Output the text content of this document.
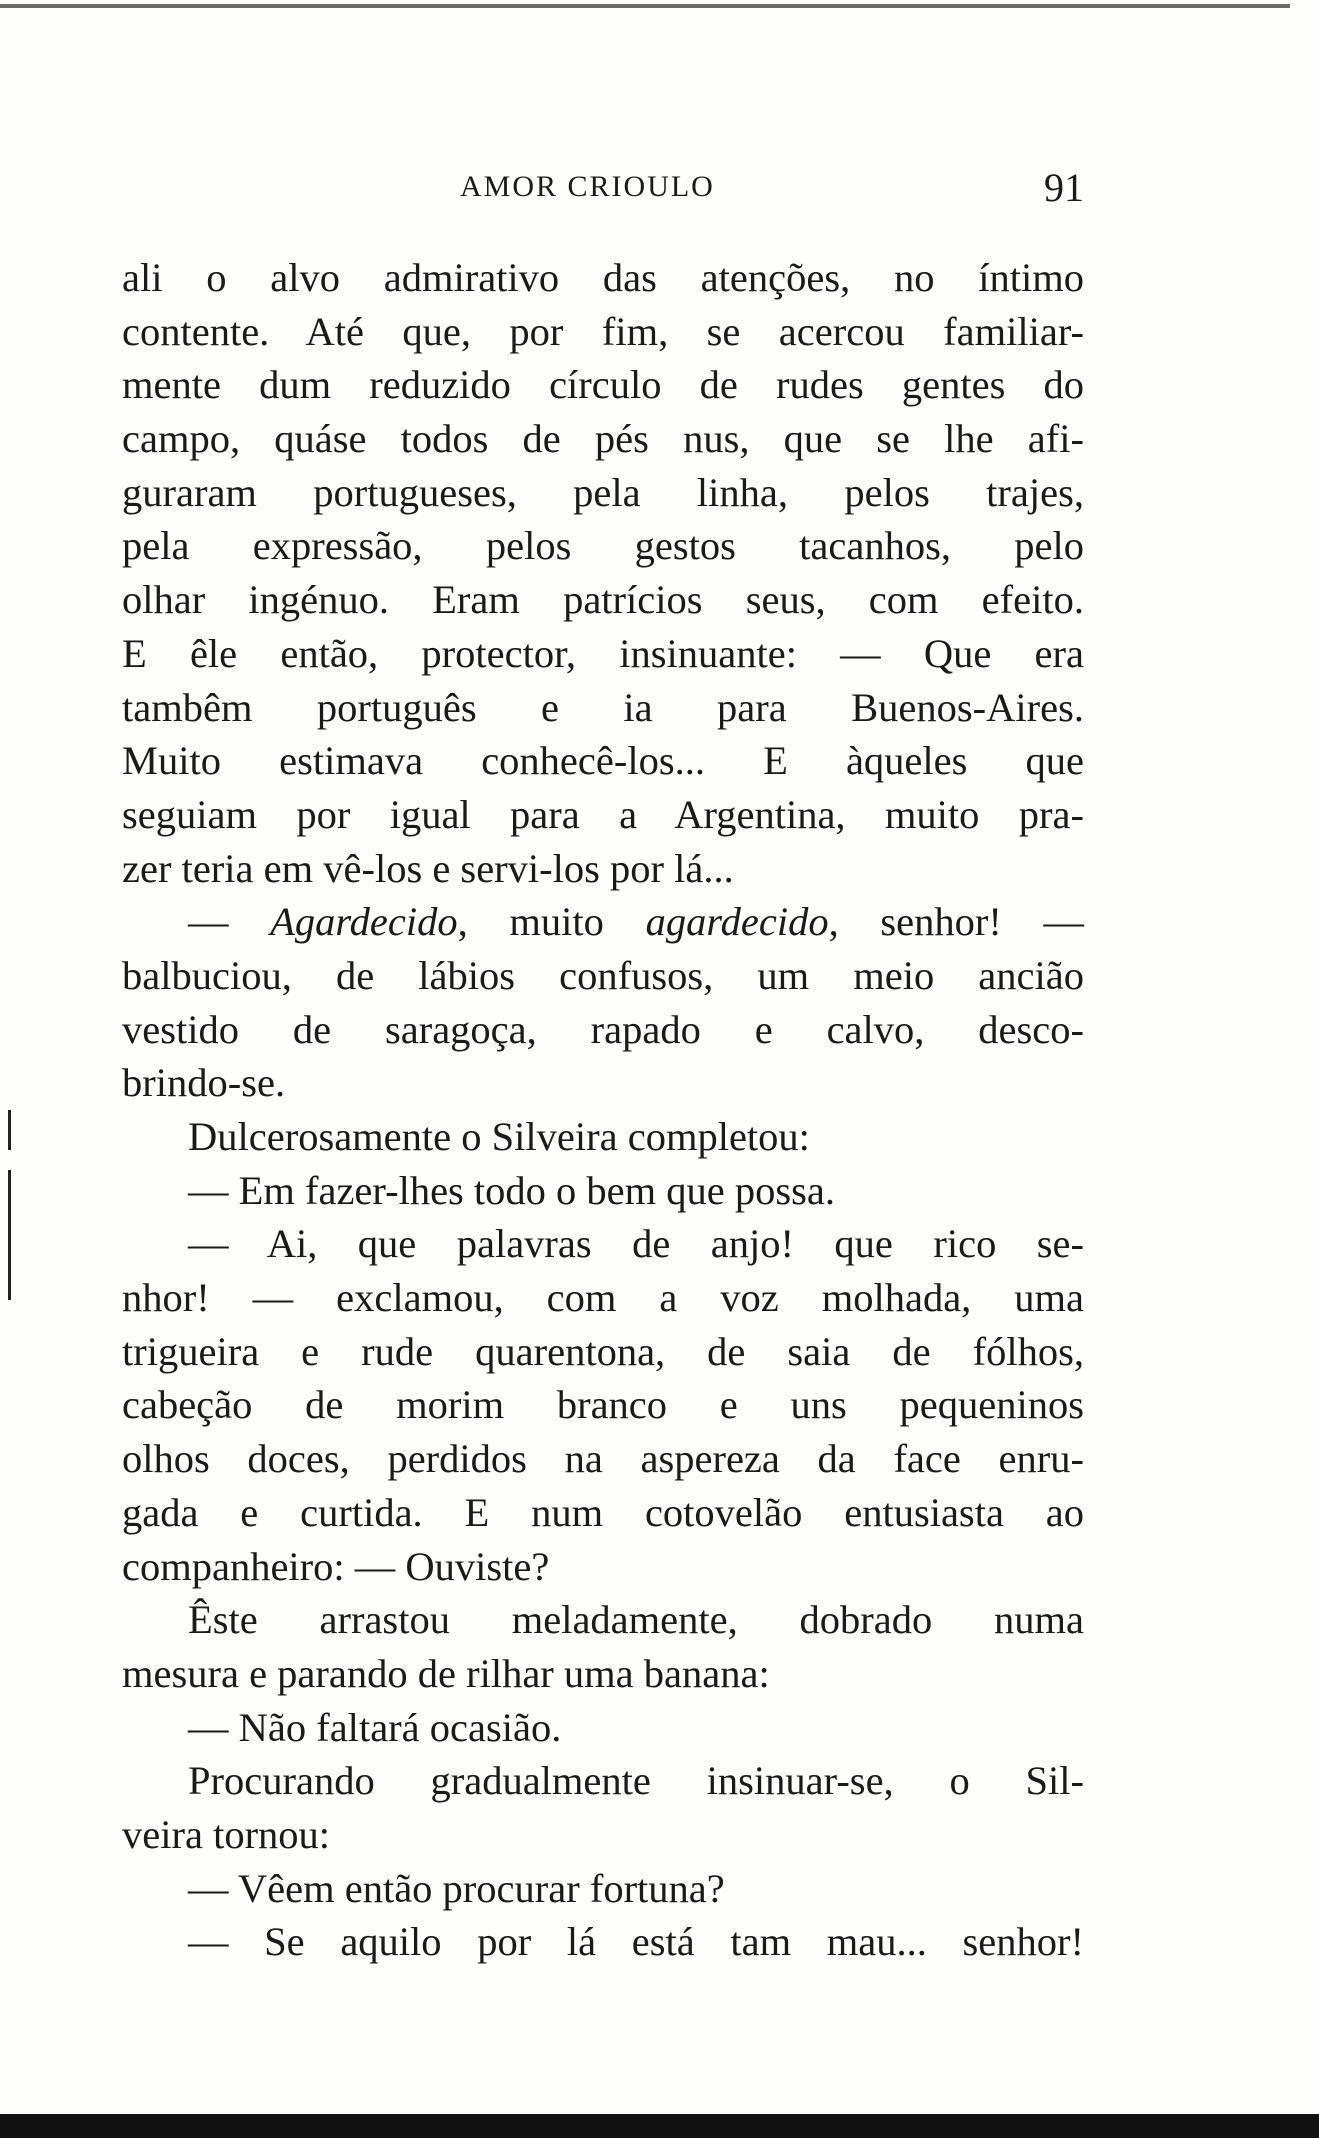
AMOR CRIOULO	91
ali o alvo admirativo das atenções, no íntimo
contente. Até que, por fim, se acercou familiar-
mente dum reduzido círculo de rudes gentes do
campo, quáse todos de pés nus, que se lhe afi-
guraram portugueses, pela linha, pelos trajes,
pela expressão, pelos gestos tacanhos, pelo
olhar ingénuo. Eram patrícios seus, com efeito.
E êle então, protector, insinuante: — Que era
tambêm português e ia para Buenos-Aires.
Muito estimava conhecê-los... E àqueles que
seguiam por igual para a Argentina, muito pra-
zer teria em vê-los e servi-los por lá...
— Agardecido, muito agardecido, senhor! —
balbuciou, de lábios confusos, um meio ancião
vestido de saragoça, rapado e calvo, desco-
brindo-se.
Dulcerosamente o Silveira completou:
— Em fazer-lhes todo o bem que possa.
— Ai, que palavras de anjo! que rico se-
nhor! — exclamou, com a voz molhada, uma
trigueira e rude quarentona, de saia de fólhos,
cabeção de morim branco e uns pequeninos
olhos doces, perdidos na aspereza da face enru-
gada e curtida. E num cotovelão entusiasta ao
companheiro: — Ouviste?
Êste arrastou meladamente, dobrado numa
mesura e parando de rilhar uma banana:
— Não faltará ocasião.
Procurando gradualmente insinuar-se, o Sil-
veira tornou:
— Vêem então procurar fortuna?
— Se aquilo por lá está tam mau... senhor!
